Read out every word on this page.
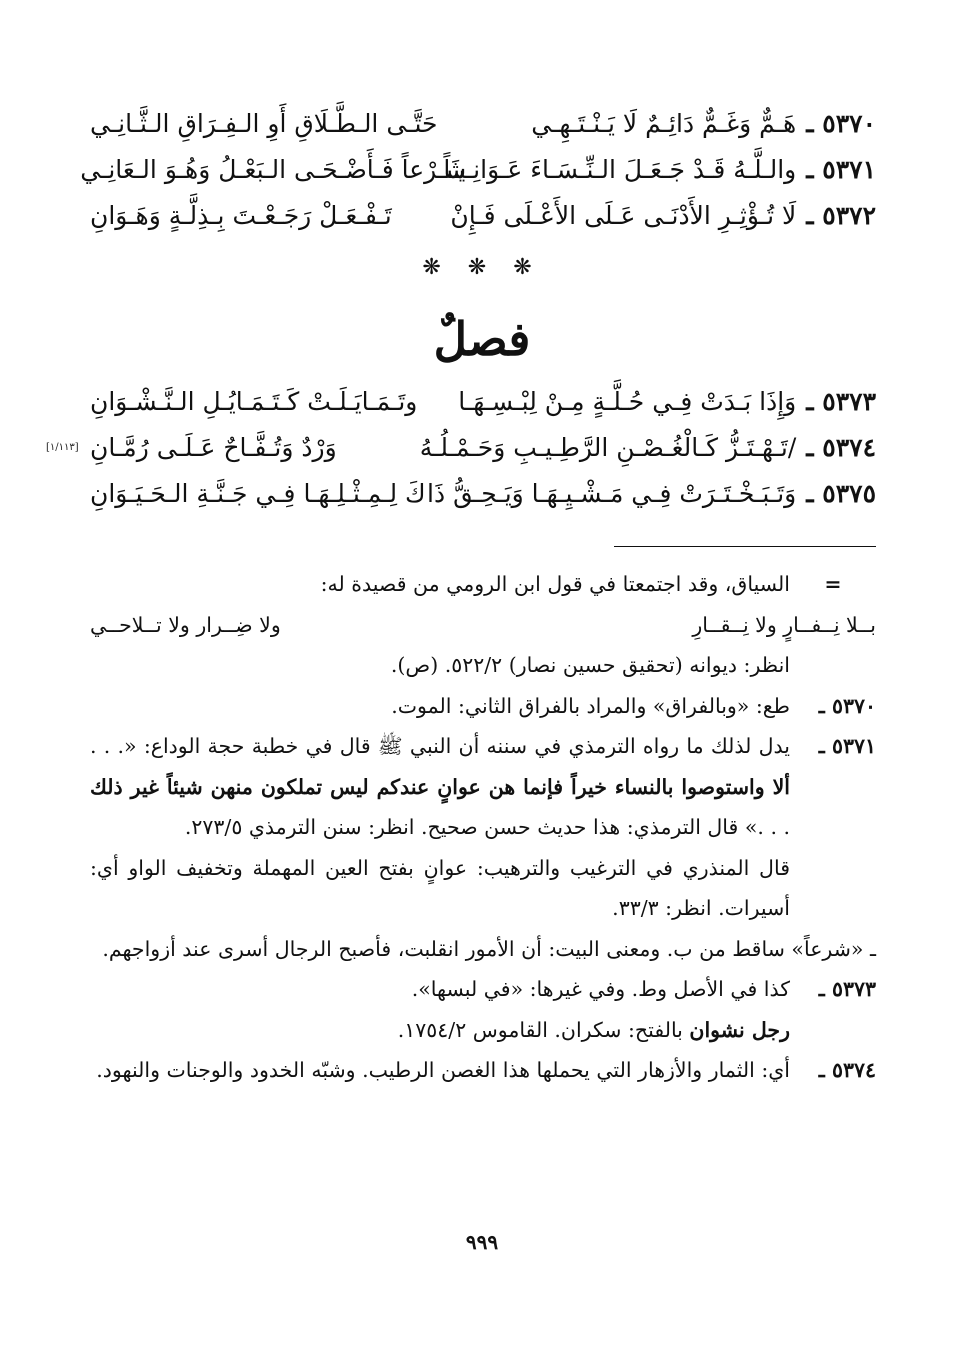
٥٣٧٠ ـ
هَـمٌّ وَغَـمٌّ دَائِـمٌ لَا يَـنْـتَـهِـي
حَتَّـى الـطَّـلَاقِ أَوِ الـفِـرَاقِ الـثَّـانِـي
٥٣٧١ ـ
والـلَّـهُ قَـدْ جَـعَـلَ الـنِّـسَـاءَ عَـوَانِـيـاً
شَـرْعاً فَـأَضْـحَـى الـبَعْـلُ وَهُـوَ الـعَانِـي
٥٣٧٢ ـ
لَا تُـؤْثِـرِ الأَدْنَـى عَـلَى الأَعْـلَى فَـإِنْ
تَـفْـعَـلْ رَجَـعْـتَ بِـذِلَّـةٍ وَهَـوَانِ
❋ ❋ ❋
فصلٌ
٥٣٧٣ ـ
وَإِذَا بَـدَتْ فِـي حُـلَّـةٍ مِـنْ لِبْـسِـهَـا
وتَـمَـايَـلَـتْ كَـتَـمَـايُـلِ الـنَّـشْـوَانِ
٥٣٧٤ ـ
/تَـهْـتَـزُّ كَـالْغُـصْـنِ الرَّطِـيـبِ وَحَـمْـلُـهُ
وَرْدٌ وَتُـفَّـاحٌ عَـلَـى رُمَّـانِ
[١/١١٣]
٥٣٧٥ ـ
وَتَـبَـخْـتَـرَتْ فِـي مَـشْـيِـهَـا وَيَـحِـقُّ ذَا
كَ لِـمِـثْـلِـهَـا فِـي جَـنَّـةِ الـحَـيَـوَانِ
=

السياق، وقد اجتمعتا في قول ابن الرومي من قصيدة له:

بــلا نِــفــارٍ ولا نِــقــارِ
ولا ضِــرار ولا تــلاحــي

انظر: ديوانه (تحقيق حسين نصار) ٥٢٢/٢. (ص).

٥٣٧٠ ـ

طع: «وبالفراق» والمراد بالفراق الثاني: الموت.

٥٣٧١ ـ

يدل لذلك ما رواه الترمذي في سننه أن النبي ﷺ قال في خطبة حجة الوداع: «. . . ألا واستوصوا بالنساء خيراً فإنما هن عوانٍ عندكم ليس تملكون منهن شيئاً غير ذلك . . .» قال الترمذي: هذا حديث حسن صحيح. انظر: سنن الترمذي ٢٧٣/٥.

قال المنذري في الترغيب والترهيب: عوانٍ بفتح العين المهملة وتخفيف الواو أي: أسيرات. انظر: ٣٣/٣.

ـ «شرعاً» ساقط من ب. ومعنى البيت: أن الأمور انقلبت، فأصبح الرجال أسرى عند أزواجهم.

٥٣٧٣ ـ

كذا في الأصل وط. وفي غيرها: «في لبسها».

رجل نشوان بالفتح: سكران. القاموس ١٧٥٤/٢.

٥٣٧٤ ـ

أي: الثمار والأزهار التي يحملها هذا الغصن الرطيب. وشبّه الخدود والوجنات والنهود.

٩٩٩
